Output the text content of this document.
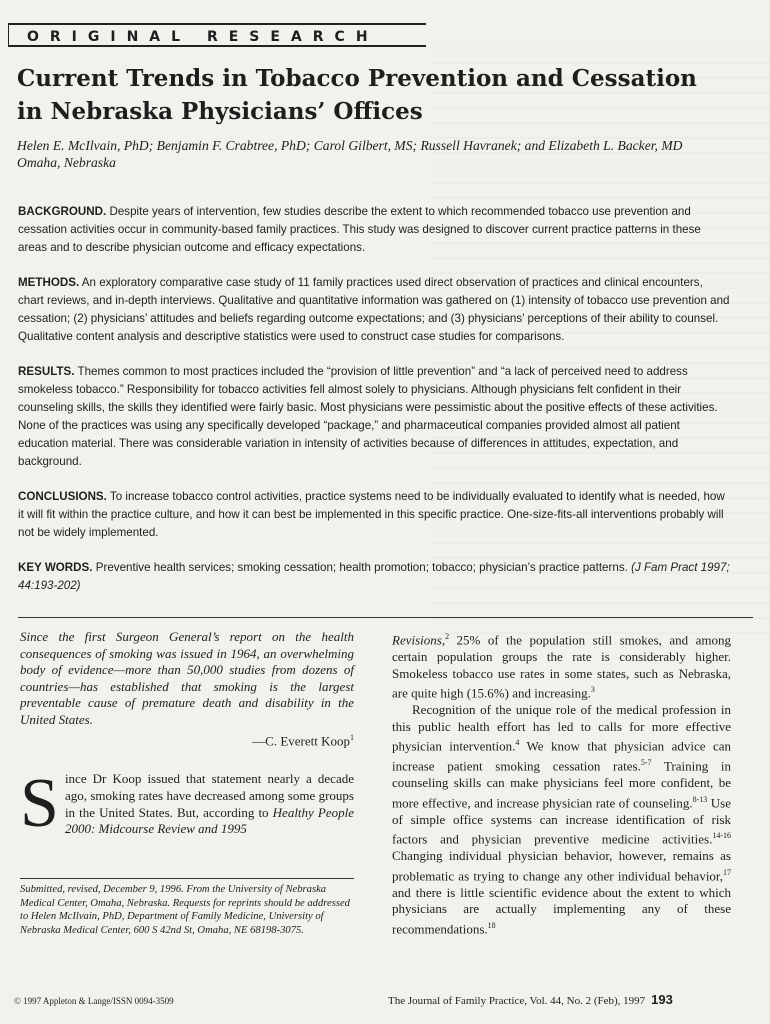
ORIGINAL RESEARCH
Current Trends in Tobacco Prevention and Cessation in Nebraska Physicians’ Offices
Helen E. McIlvain, PhD; Benjamin F. Crabtree, PhD; Carol Gilbert, MS; Russell Havranek; and Elizabeth L. Backer, MD
Omaha, Nebraska

BACKGROUND. Despite years of intervention, few studies describe the extent to which recommended tobacco use prevention and cessation activities occur in community-based family practices. This study was designed to discover current practice patterns in these areas and to describe physician outcome and efficacy expectations.

METHODS. An exploratory comparative case study of 11 family practices used direct observation of practices and clinical encounters, chart reviews, and in-depth interviews. Qualitative and quantitative information was gathered on (1) intensity of tobacco use prevention and cessation; (2) physicians’ attitudes and beliefs regarding outcome expectations; and (3) physicians’ perceptions of their ability to counsel. Qualitative content analysis and descriptive statistics were used to construct case studies for comparisons.

RESULTS. Themes common to most practices included the “provision of little prevention” and “a lack of perceived need to address smokeless tobacco.” Responsibility for tobacco activities fell almost solely to physicians. Although physicians felt confident in their counseling skills, the skills they identified were fairly basic. Most physicians were pessimistic about the positive effects of these activities. None of the practices was using any specifically developed “package,” and pharmaceutical companies provided almost all patient education material. There was considerable variation in intensity of activities because of differences in attitudes, expectation, and background.

CONCLUSIONS. To increase tobacco control activities, practice systems need to be individually evaluated to identify what is needed, how it will fit within the practice culture, and how it can best be implemented in this specific practice. One-size-fits-all interventions probably will not be widely implemented.

KEY WORDS. Preventive health services; smoking cessation; health promotion; tobacco; physician’s practice patterns. (J Fam Pract 1997; 44:193-202)

Since the first Surgeon General’s report on the health consequences of smoking was issued in 1964, an overwhelming body of evidence—more than 50,000 studies from dozens of countries—has established that smoking is the largest preventable cause of premature death and disability in the United States.

—C. Everett Koop$^1$

Since Dr Koop issued that statement nearly a decade ago, smoking rates have decreased among some groups in the United States. But, according to Healthy People 2000: Midcourse Review and 1995

Submitted, revised, December 9, 1996. From the University of Nebraska Medical Center, Omaha, Nebraska. Requests for reprints should be addressed to Helen McIlvain, PhD, Department of Family Medicine, University of Nebraska Medical Center, 600 S 42nd St, Omaha, NE 68198-3075.

Revisions,$^2$ 25% of the population still smokes, and among certain population groups the rate is considerably higher. Smokeless tobacco use rates in some states, such as Nebraska, are quite high (15.6%) and increasing.$^3$

Recognition of the unique role of the medical profession in this public health effort has led to calls for more effective physician intervention.$^4$ We know that physician advice can increase patient smoking cessation rates.$^{5-7}$ Training in counseling skills can make physicians feel more confident, be more effective, and increase physician rate of counseling.$^{8-13}$ Use of simple office systems can increase identification of risk factors and physician preventive medicine activities.$^{14-16}$ Changing individual physician behavior, however, remains as problematic as trying to change any other individual behavior,$^{17}$ and there is little scientific evidence about the extent to which physicians are actually implementing any of these recommendations.$^{18}$

© 1997 Appleton & Lange/ISSN 0094-3509	The Journal of Family Practice, Vol. 44, No. 2 (Feb), 1997 193
